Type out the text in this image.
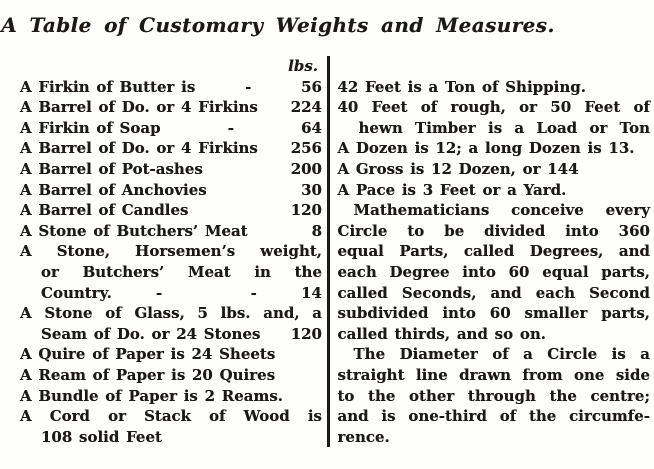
A Table of Customary Weights and Measures.
lbs.
A Firkin of Butter is	-	56
A Barrel of Do. or 4 Firkins 224
A Firkin of Soap	-	64
A Barrel of Do. or 4 Firkins 256
A Barrel of Pot-ashes	200
A Barrel of Anchovies	30
A Barrel of Candles	120
A Stone of Butchers’ Meat	8
A Stone, Horsemen’s weight,
or Butchers’ Meat in the
Country.	-	-	14
A Stone of Glass, 5 lbs. and, a
Seam of Do. or 24 Stones 120
A Quire of Paper is 24 Sheets
A Ream of Paper is 20 Quires
A Bundle of Paper is 2 Reams.
A Cord or Stack of Wood is
108 solid Feet
42 Feet is a Ton of Shipping.
40 Feet of rough, or 50 Feet of
hewn Timber is a Load or Ton
A Dozen is 12; a long Dozen is 13.
A Gross is 12 Dozen, or 144
A Pace is 3 Feet or a Yard.
Mathematicians conceive every
Circle to be divided into 360
equal Parts, called Degrees, and
each Degree into 60 equal parts,
called Seconds, and each Second
subdivided into 60 smaller parts,
called thirds, and so on.
The Diameter of a Circle is a
straight line drawn from one side
to the other through the centre;
and is one-third of the circumfe-
rence.
